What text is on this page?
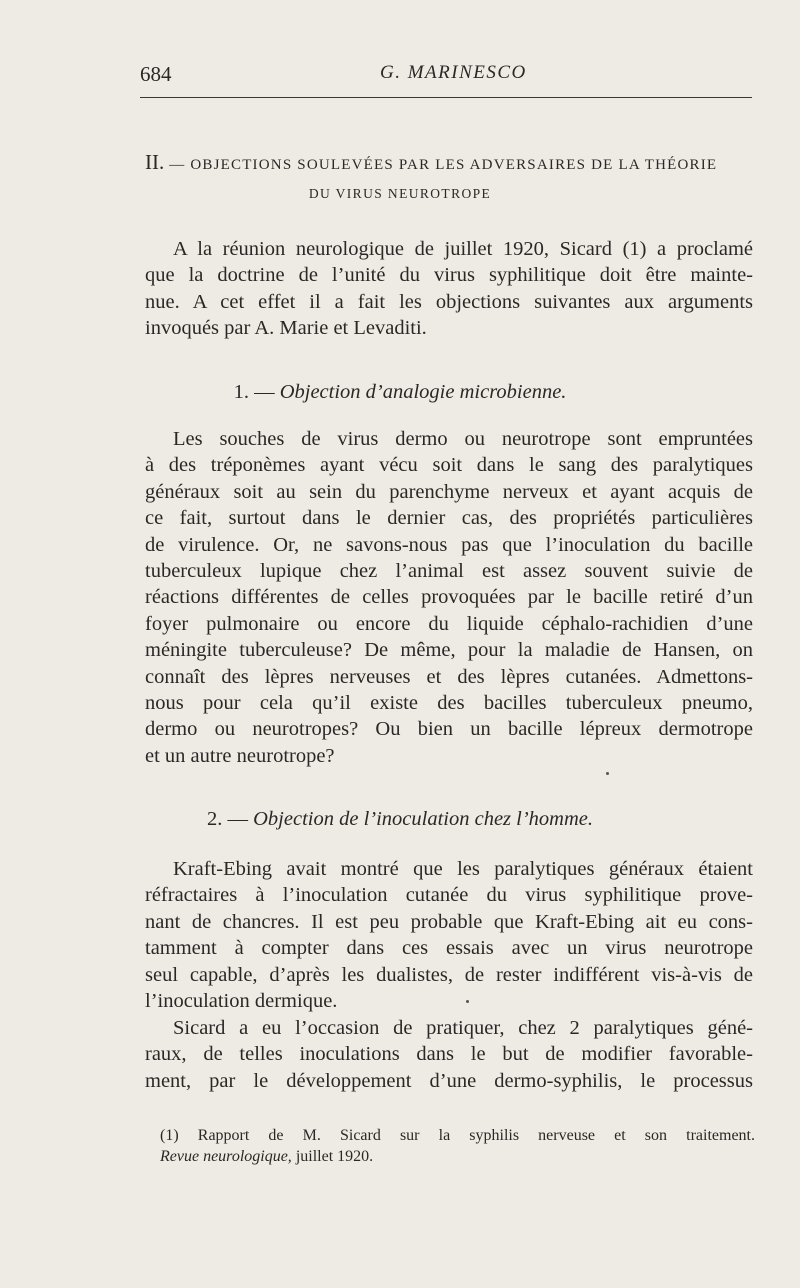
684	G. MARINESCO
II. — OBJECTIONS SOULEVÉES PAR LES ADVERSAIRES DE LA THÉORIE
DU VIRUS NEUROTROPE

A la réunion neurologique de juillet 1920, Sicard (1) a proclamé
que la doctrine de l’unité du virus syphilitique doit être mainte-
nue. A cet effet il a fait les objections suivantes aux arguments
invoqués par A. Marie et Levaditi.

1. — Objection d’analogie microbienne.

Les souches de virus dermo ou neurotrope sont empruntées
à des tréponèmes ayant vécu soit dans le sang des paralytiques
généraux soit au sein du parenchyme nerveux et ayant acquis de
ce fait, surtout dans le dernier cas, des propriétés particulières
de virulence. Or, ne savons-nous pas que l’inoculation du bacille
tuberculeux lupique chez l’animal est assez souvent suivie de
réactions différentes de celles provoquées par le bacille retiré d’un
foyer pulmonaire ou encore du liquide céphalo-rachidien d’une
méningite tuberculeuse? De même, pour la maladie de Hansen, on
connaît des lèpres nerveuses et des lèpres cutanées. Admettons-
nous pour cela qu’il existe des bacilles tuberculeux pneumo,
dermo ou neurotropes? Ou bien un bacille lépreux dermotrope
et un autre neurotrope?

2. — Objection de l’inoculation chez l’homme.

Kraft-Ebing avait montré que les paralytiques généraux étaient
réfractaires à l’inoculation cutanée du virus syphilitique prove-
nant de chancres. Il est peu probable que Kraft-Ebing ait eu cons-
tamment à compter dans ces essais avec un virus neurotrope
seul capable, d’après les dualistes, de rester indifférent vis-à-vis de
l’inoculation dermique.

Sicard a eu l’occasion de pratiquer, chez 2 paralytiques géné-
raux, de telles inoculations dans le but de modifier favorable-
ment, par le développement d’une dermo-syphilis, le processus

(1) Rapport de M. Sicard sur la syphilis nerveuse et son traitement.
Revue neurologique, juillet 1920.
